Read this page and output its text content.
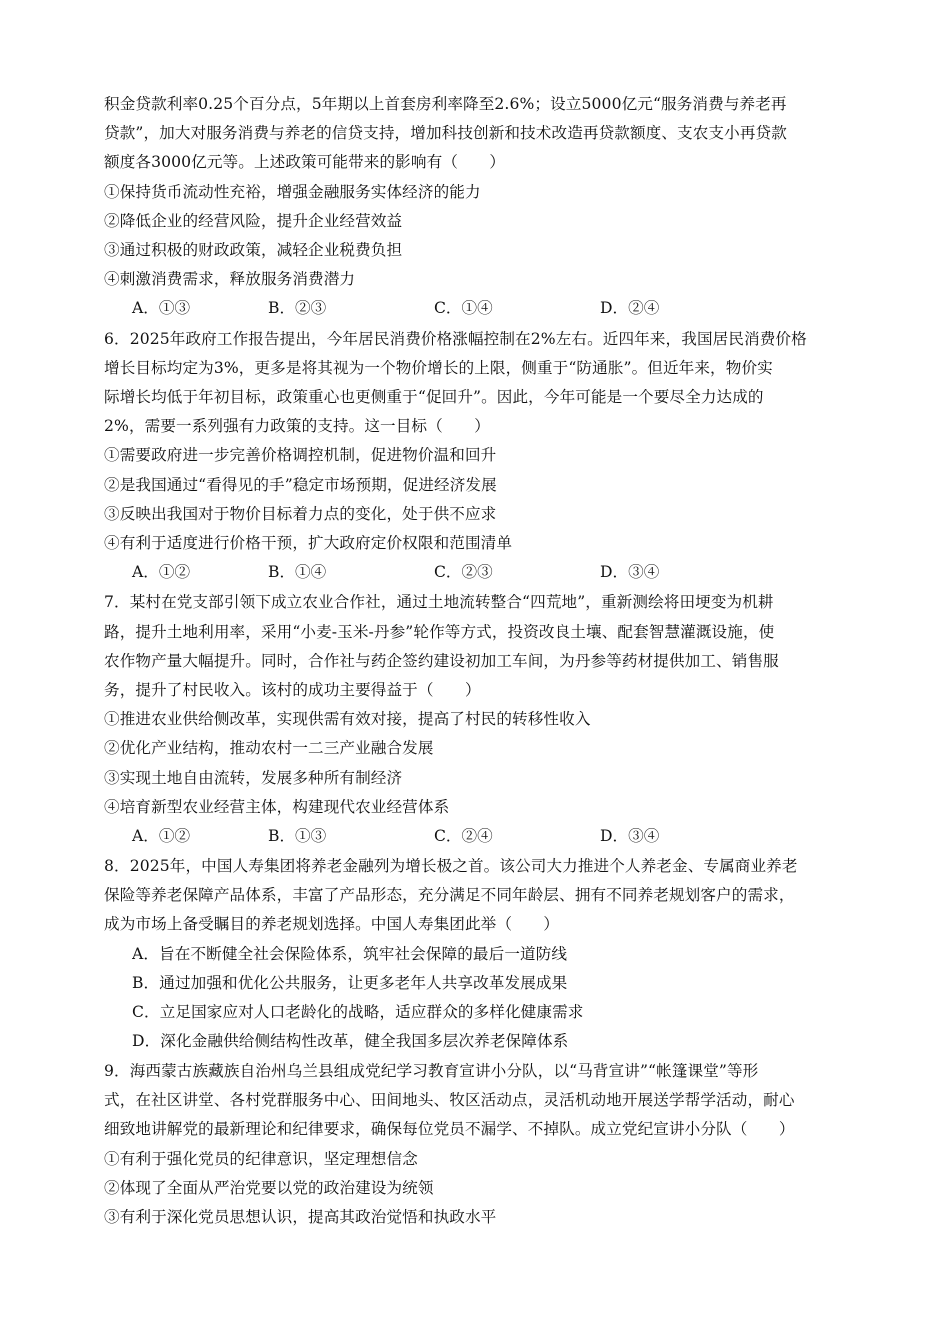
积金贷款利率0.25个百分点，5年期以上首套房利率降至2.6%；设立5000亿元“服务消费与养老再
贷款”，加大对服务消费与养老的信贷支持，增加科技创新和技术改造再贷款额度、支农支小再贷款
额度各3000亿元等。上述政策可能带来的影响有（　　）
①保持货币流动性充裕，增强金融服务实体经济的能力
②降低企业的经营风险，提升企业经营效益
③通过积极的财政政策，减轻企业税费负担
④刺激消费需求，释放服务消费潜力
A．①③	B．②③	C．①④	D．②④
6．2025年政府工作报告提出，今年居民消费价格涨幅控制在2%左右。近四年来，我国居民消费价格
增长目标均定为3%，更多是将其视为一个物价增长的上限，侧重于“防通胀”。但近年来，物价实
际增长均低于年初目标，政策重心也更侧重于“促回升”。因此，今年可能是一个要尽全力达成的
2%，需要一系列强有力政策的支持。这一目标（　　）
①需要政府进一步完善价格调控机制，促进物价温和回升
②是我国通过“看得见的手”稳定市场预期，促进经济发展
③反映出我国对于物价目标着力点的变化，处于供不应求
④有利于适度进行价格干预，扩大政府定价权限和范围清单
A．①②	B．①④	C．②③	D．③④
7．某村在党支部引领下成立农业合作社，通过土地流转整合“四荒地”，重新测绘将田埂变为机耕
路，提升土地利用率，采用“小麦-玉米-丹参”轮作等方式，投资改良土壤、配套智慧灌溉设施，使
农作物产量大幅提升。同时，合作社与药企签约建设初加工车间，为丹参等药材提供加工、销售服
务，提升了村民收入。该村的成功主要得益于（　　）
①推进农业供给侧改革，实现供需有效对接，提高了村民的转移性收入
②优化产业结构，推动农村一二三产业融合发展
③实现土地自由流转，发展多种所有制经济
④培育新型农业经营主体，构建现代农业经营体系
A．①②	B．①③	C．②④	D．③④
8．2025年，中国人寿集团将养老金融列为增长极之首。该公司大力推进个人养老金、专属商业养老
保险等养老保障产品体系，丰富了产品形态，充分满足不同年龄层、拥有不同养老规划客户的需求，
成为市场上备受瞩目的养老规划选择。中国人寿集团此举（　　）
A．旨在不断健全社会保险体系，筑牢社会保障的最后一道防线
B．通过加强和优化公共服务，让更多老年人共享改革发展成果
C．立足国家应对人口老龄化的战略，适应群众的多样化健康需求
D．深化金融供给侧结构性改革，健全我国多层次养老保障体系
9．海西蒙古族藏族自治州乌兰县组成党纪学习教育宣讲小分队，以“马背宣讲”“帐篷课堂”等形
式，在社区讲堂、各村党群服务中心、田间地头、牧区活动点，灵活机动地开展送学帮学活动，耐心
细致地讲解党的最新理论和纪律要求，确保每位党员不漏学、不掉队。成立党纪宣讲小分队（　　）
①有利于强化党员的纪律意识，坚定理想信念
②体现了全面从严治党要以党的政治建设为统领
③有利于深化党员思想认识，提高其政治觉悟和执政水平
